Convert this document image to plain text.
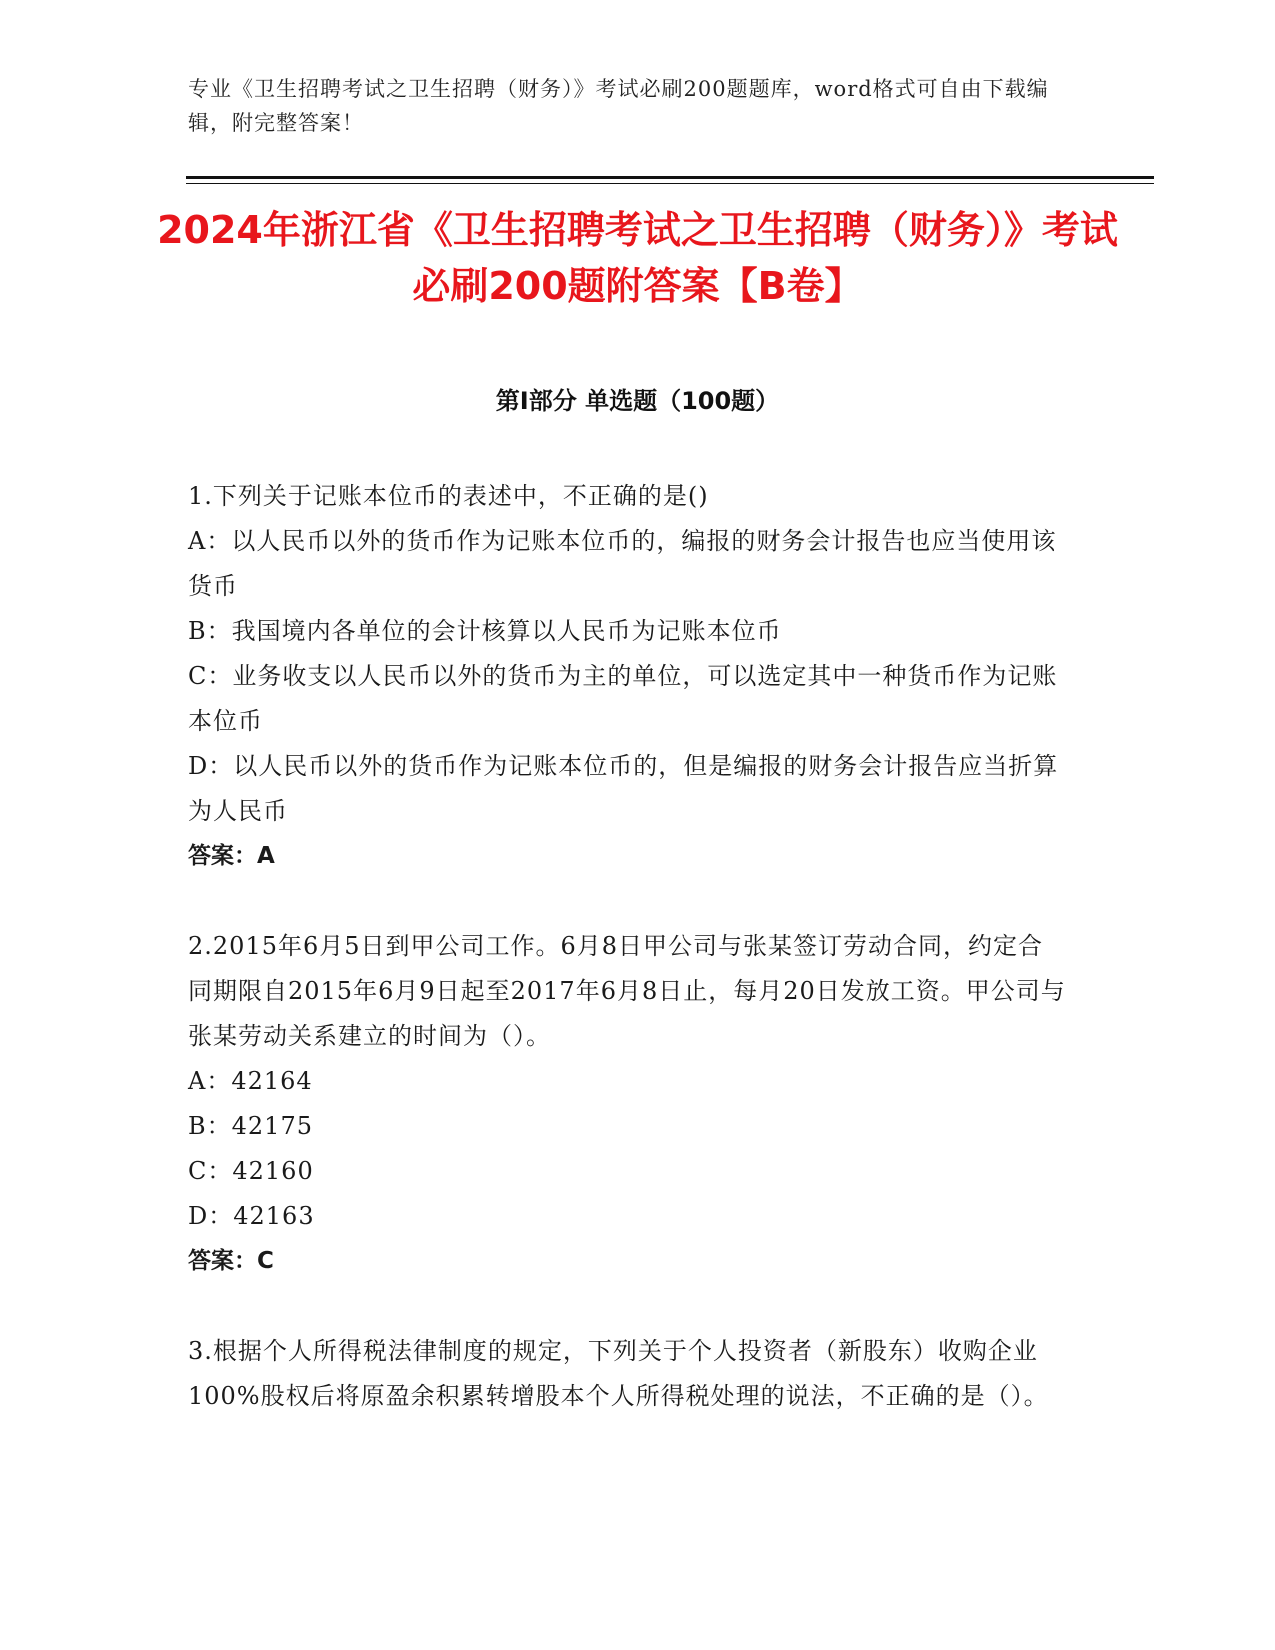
专业《卫生招聘考试之卫生招聘（财务）》考试必刷200题题库，word格式可自由下载编辑，附完整答案！
2024年浙江省《卫生招聘考试之卫生招聘（财务）》考试必刷200题附答案【B卷】
第Ⅰ部分 单选题（100题）

1.下列关于记账本位币的表述中，不正确的是()

A：以人民币以外的货币作为记账本位币的，编报的财务会计报告也应当使用该货币

B：我国境内各单位的会计核算以人民币为记账本位币

C：业务收支以人民币以外的货币为主的单位，可以选定其中一种货币作为记账本位币

D：以人民币以外的货币作为记账本位币的，但是编报的财务会计报告应当折算为人民币

答案：A

2.2015年6月5日到甲公司工作。6月8日甲公司与张某签订劳动合同，约定合同期限自2015年6月9日起至2017年6月8日止，每月20日发放工资。甲公司与张某劳动关系建立的时间为（）。

A：42164

B：42175

C：42160

D：42163

答案：C

3.根据个人所得税法律制度的规定，下列关于个人投资者（新股东）收购企业100%股权后将原盈余积累转增股本个人所得税处理的说法，不正确的是（）。
